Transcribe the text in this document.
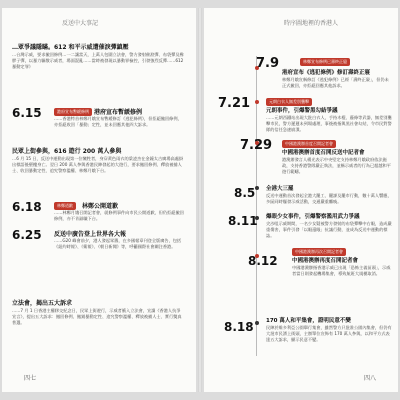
反送中大事記
…眾爭議隱瞞。612 和平示威遭催淚彈鎮壓
…台灣示威，要求撤回修例…一二讓當天，上萬人包圍立法會，警方發射催淚彈、布袋彈及橡膠子彈，以暴力驅散示威者，場面混亂……當時被發現以暴動罪檢控，引發強烈反彈……612 暴動定罪》
6.15	港府宣布暫緩修例 港府宣布暫緩修例
……香港特首林鄭月娥宣布暫緩修訂《逃犯條例》，但拒絕撤回條例，亦拒絕收回「暴動」定性，並未回應其他四大訴求。
民眾上街參與，616 遊行 200 萬人參與
…6 月 15 日，反送中運動出現第一位犧牲者，身穿黃色雨衣的梁凌杰在金鐘太古廣場高處掛出標語後墮樓身亡。翌日 200 萬人參與香港民陣發起的大遊行，要求撤回修例、釋放被捕人士、收回暴動定性、追究警察濫權、林鄭月娥下台。
6.18	林鄭道歉	林鄭公開道歉
……林鄭月娥召開記者會，就修例事件向市民公開道歉，但仍拒絕撤回修例，亦不肯辭職下台。
6.25 反送中廣告登上世界各大報
……G20 峰會前夕，港人發起眾籌，在多國報章刊登全版廣告，包括《紐約時報》、《衛報》、《朝日新聞》等，呼籲國際社會關注香港。
立法會，揭出五大訴求
……7 月 1 日香港主權移交紀念日，民眾上街遊行，示威者衝入立法會，宣讀《香港人抗爭宣言》，提出五大訴求：撤回修例、撤銷暴動定性、追究警察濫權、釋放被捕人士、實行雙真普選。
四七
時序圖地裡的香港人
7.9	林鄭宣布修例已壽終正寢
港府宣布《逃犯條例》修訂壽終正寢
林鄭月娥宣稱修訂《逃犯條例》已經「壽終正寢」，但仍未正式撤回，亦拒絕回應其他訴求。
7.21	元朗白衣人無差別襲擊
元朗事件，引爆警黑勾結爭議
……元朗西鐵站出現大批白衣人，手持木棍、藤條等武器，無差別襲擊市民，警方遲遲未到場處理，事後被指與黑社會勾結，令市民對警隊的信任急速崩潰。
7.29	中國港澳辦首度召開記者會
中國港澳辦首度召開反送中記者會
港澳辦發言人楊光表示中央堅定支持林鄭月娥政府依法施政，支持香港警隊嚴正執法，並稱示威者的行為已超越和平遊行範疇。
8.5 全港大三罷
反送中運動首次發起全港大罷工、罷課及罷市行動，數十萬人響應，多區同時爆發示威活動，交通嚴重癱瘓。
8.11 爆眼少女事件，引爆警察濫用武力爭議
尖沙咀示威期間，一名少女疑被警方發射的布袋彈擊中右眼，造成嚴重傷害，事件引發「以眼還眼」抗議行動，並成為反送中運動的標誌。
8.12
中國港澳辦再次召開記者會
中國港澳辦再度召開記者會
中國港澳辦指香港示威已出現「恐怖主義苗頭」，示威者當日則發起機場集會，導致航班大規模取消。
8.18 170 萬人和平集會，證明民意不變
民陣於維多利亞公園舉行集會，雖然警方只批准公園內集會，但仍有大批市民湧上街頭，主辦單位宣佈有 170 萬人參與，以和平方式表達五大訴求，顯示民意不變。
四八
